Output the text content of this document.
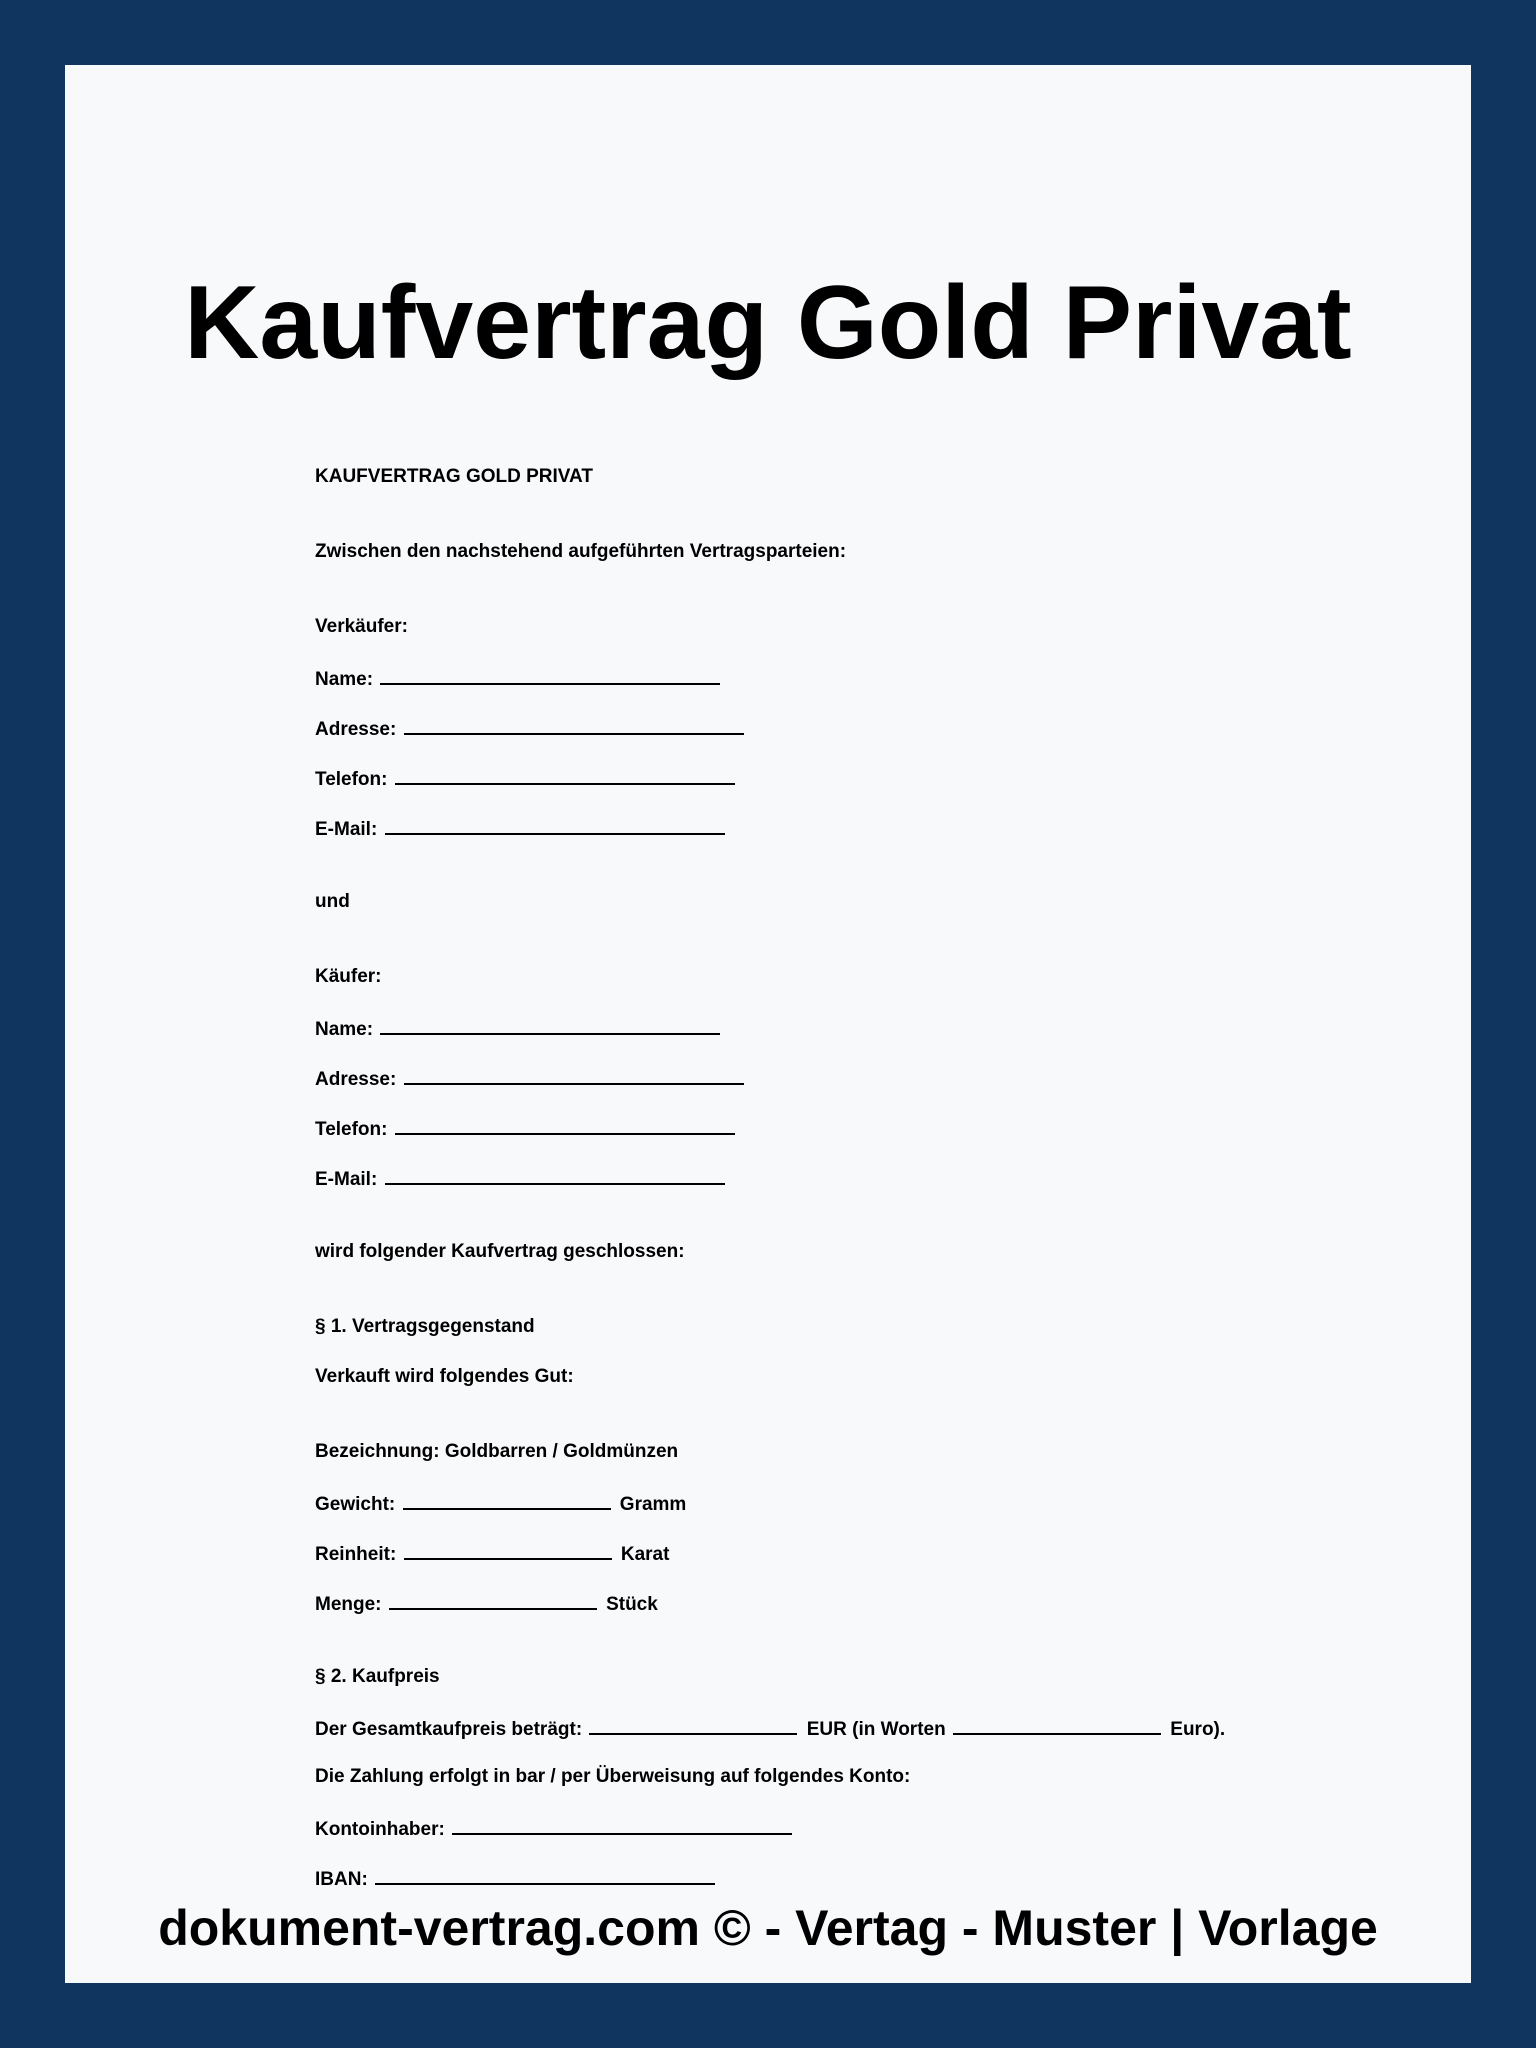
Kaufvertrag Gold Privat
KAUFVERTRAG GOLD PRIVAT
Zwischen den nachstehend aufgeführten Vertragsparteien:
Verkäufer:
Name:
Adresse:
Telefon:
E-Mail:
und
Käufer:
Name:
Adresse:
Telefon:
E-Mail:
wird folgender Kaufvertrag geschlossen:
§ 1. Vertragsgegenstand
Verkauft wird folgendes Gut:
Bezeichnung: Goldbarren / Goldmünzen
Gewicht:	Gramm
Reinheit:	Karat
Menge:	Stück
§ 2. Kaufpreis
Der Gesamtkaufpreis beträgt:	EUR (in Worten	Euro).
Die Zahlung erfolgt in bar / per Überweisung auf folgendes Konto:
Kontoinhaber:
IBAN:
dokument-vertrag.com © - Vertag - Muster | Vorlage
